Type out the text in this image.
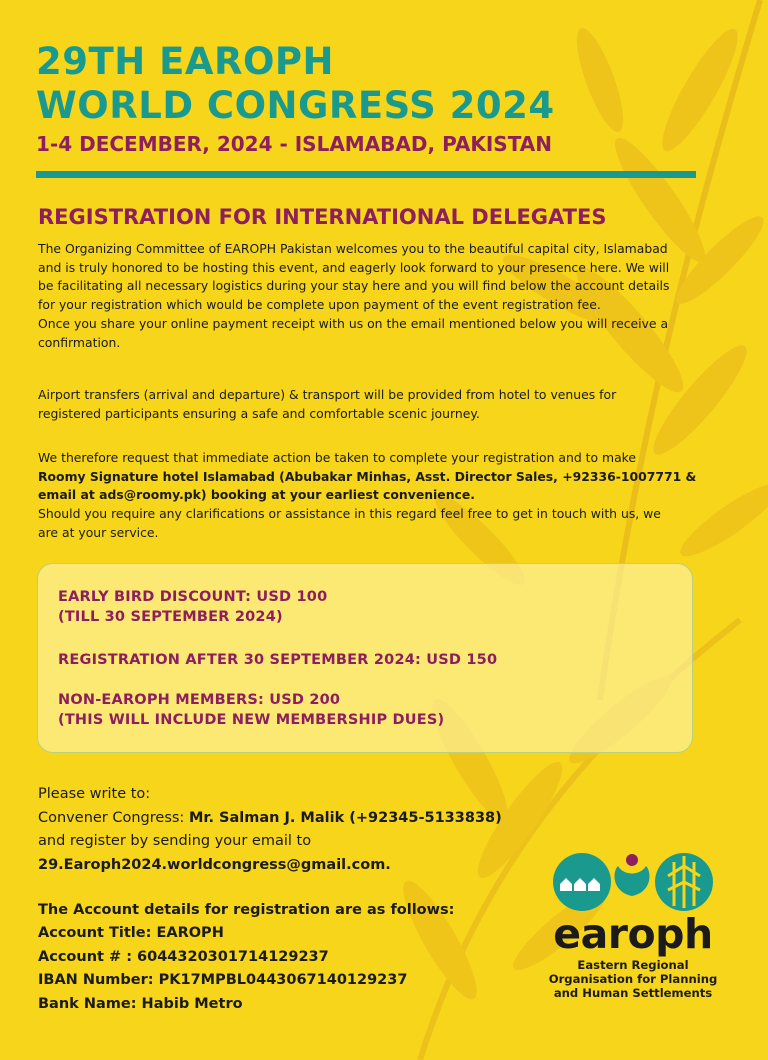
29TH EAROPH
WORLD CONGRESS 2024
1-4 DECEMBER, 2024 - ISLAMABAD, PAKISTAN
REGISTRATION FOR INTERNATIONAL DELEGATES

The Organizing Committee of EAROPH Pakistan welcomes you to the beautiful capital city, Islamabad

and is truly honored to be hosting this event, and eagerly look forward to your presence here. We will

be facilitating all necessary logistics during your stay here and you will find below the account details

for your registration which would be complete upon payment of the event registration fee.

Once you share your online payment receipt with us on the email mentioned below you will receive a

confirmation.

Airport transfers (arrival and departure) & transport will be provided from hotel to venues for

registered participants ensuring a safe and comfortable scenic journey.

We therefore request that immediate action be taken to complete your registration and to make

Roomy Signature hotel Islamabad (Abubakar Minhas, Asst. Director Sales, +92336-1007771 &

email at ads@roomy.pk) booking at your earliest convenience.

Should you require any clarifications or assistance in this regard feel free to get in touch with us, we

are at your service.

EARLY BIRD DISCOUNT: USD 100
(TILL 30 SEPTEMBER 2024)
REGISTRATION AFTER 30 SEPTEMBER 2024: USD 150
NON-EAROPH MEMBERS: USD 200
(THIS WILL INCLUDE NEW MEMBERSHIP DUES)
Please write to:
Convener Congress: Mr. Salman J. Malik (+92345-5133838)
and register by sending your email to
29.Earoph2024.worldcongress@gmail.com.
The Account details for registration are as follows:
Account Title: EAROPH
Account # : 6044320301714129237
IBAN Number: PK17MPBL0443067140129237
Bank Name: Habib Metro
earoph
Eastern Regional
Organisation for Planning
and Human Settlements
